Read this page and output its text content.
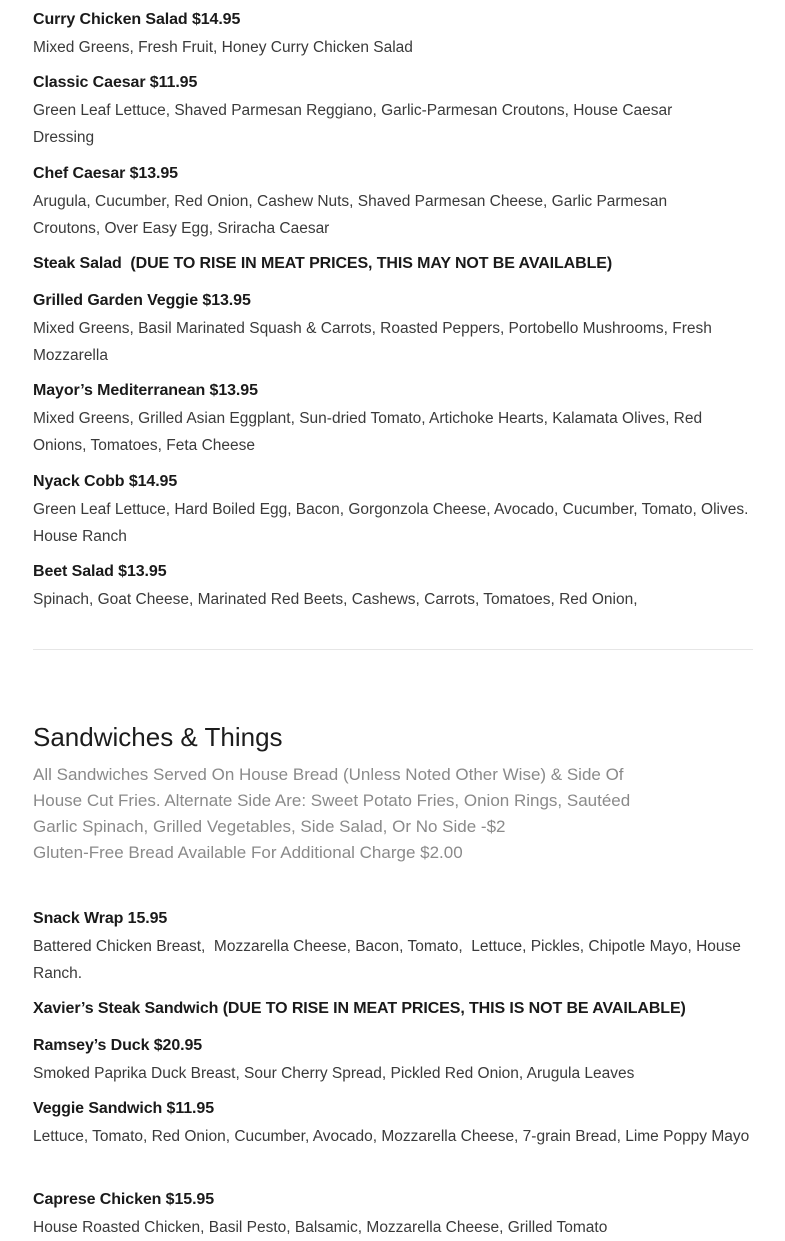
Curry Chicken Salad $14.95
Mixed Greens, Fresh Fruit, Honey Curry Chicken Salad
Classic Caesar $11.95
Green Leaf Lettuce, Shaved Parmesan Reggiano, Garlic-Parmesan Croutons, House Caesar Dressing
Chef Caesar $13.95
Arugula, Cucumber, Red Onion, Cashew Nuts, Shaved Parmesan Cheese, Garlic Parmesan Croutons, Over Easy Egg, Sriracha Caesar
Steak Salad  (DUE TO RISE IN MEAT PRICES, THIS MAY NOT BE AVAILABLE)
Grilled Garden Veggie $13.95
Mixed Greens, Basil Marinated Squash & Carrots, Roasted Peppers, Portobello Mushrooms, Fresh Mozzarella
Mayor’s Mediterranean $13.95
Mixed Greens, Grilled Asian Eggplant, Sun-dried Tomato, Artichoke Hearts, Kalamata Olives, Red Onions, Tomatoes, Feta Cheese
Nyack Cobb $14.95
Green Leaf Lettuce, Hard Boiled Egg, Bacon, Gorgonzola Cheese, Avocado, Cucumber, Tomato, Olives. House Ranch
Beet Salad $13.95
Spinach, Goat Cheese, Marinated Red Beets, Cashews, Carrots, Tomatoes, Red Onion,
Sandwiches & Things
All Sandwiches Served On House Bread (Unless Noted Other Wise) & Side Of
House Cut Fries. Alternate Side Are: Sweet Potato Fries, Onion Rings, Sautéed
Garlic Spinach, Grilled Vegetables, Side Salad, Or No Side -$2
Gluten-Free Bread Available For Additional Charge $2.00
Snack Wrap 15.95
Battered Chicken Breast,  Mozzarella Cheese, Bacon, Tomato,  Lettuce, Pickles, Chipotle Mayo, House Ranch.
Xavier’s Steak Sandwich (DUE TO RISE IN MEAT PRICES, THIS IS NOT BE AVAILABLE)
Ramsey’s Duck $20.95
Smoked Paprika Duck Breast, Sour Cherry Spread, Pickled Red Onion, Arugula Leaves
Veggie Sandwich $11.95
Lettuce, Tomato, Red Onion, Cucumber, Avocado, Mozzarella Cheese, 7-grain Bread, Lime Poppy Mayo
Caprese Chicken $15.95
House Roasted Chicken, Basil Pesto, Balsamic, Mozzarella Cheese, Grilled Tomato
